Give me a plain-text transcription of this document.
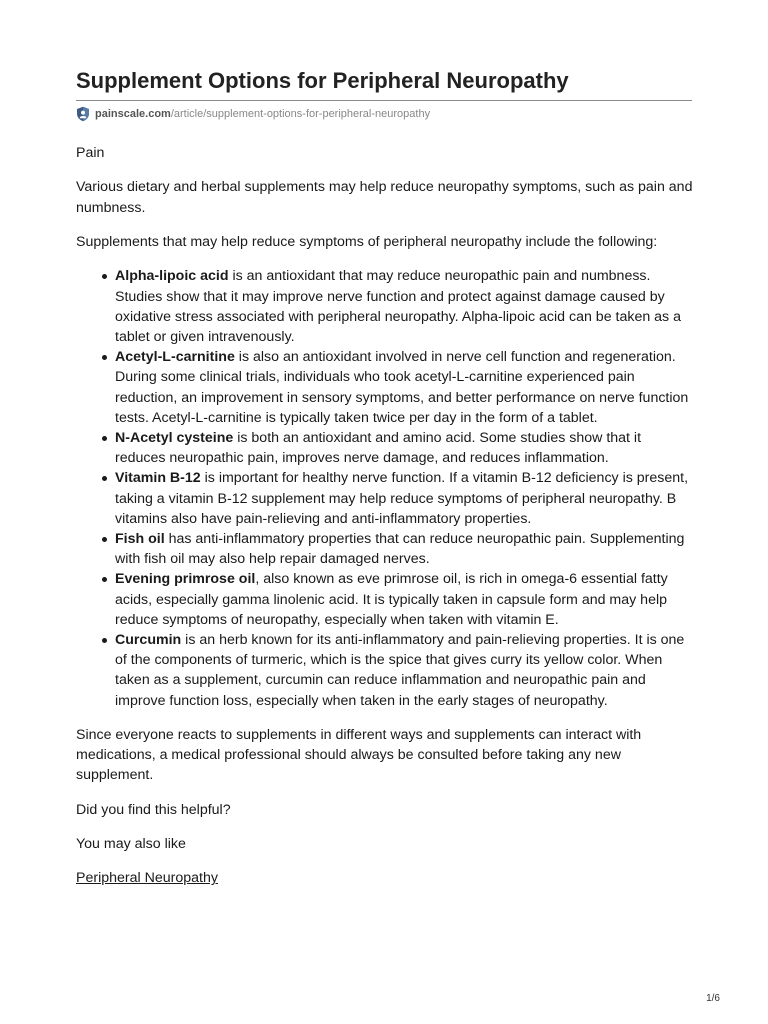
Supplement Options for Peripheral Neuropathy
painscale.com /article/supplement-options-for-peripheral-neuropathy

Pain

Various dietary and herbal supplements may help reduce neuropathy symptoms, such as pain and numbness.

Supplements that may help reduce symptoms of peripheral neuropathy include the following:

Alpha-lipoic acid is an antioxidant that may reduce neuropathic pain and numbness. Studies show that it may improve nerve function and protect against damage caused by oxidative stress associated with peripheral neuropathy. Alpha-lipoic acid can be taken as a tablet or given intravenously.
Acetyl-L-carnitine is also an antioxidant involved in nerve cell function and regeneration. During some clinical trials, individuals who took acetyl-L-carnitine experienced pain reduction, an improvement in sensory symptoms, and better performance on nerve function tests. Acetyl-L-carnitine is typically taken twice per day in the form of a tablet.
N-Acetyl cysteine is both an antioxidant and amino acid. Some studies show that it reduces neuropathic pain, improves nerve damage, and reduces inflammation.
Vitamin B-12 is important for healthy nerve function. If a vitamin B-12 deficiency is present, taking a vitamin B-12 supplement may help reduce symptoms of peripheral neuropathy. B vitamins also have pain-relieving and anti-inflammatory properties.
Fish oil has anti-inflammatory properties that can reduce neuropathic pain. Supplementing with fish oil may also help repair damaged nerves.
Evening primrose oil, also known as eve primrose oil, is rich in omega-6 essential fatty acids, especially gamma linolenic acid. It is typically taken in capsule form and may help reduce symptoms of neuropathy, especially when taken with vitamin E.
Curcumin is an herb known for its anti-inflammatory and pain-relieving properties. It is one of the components of turmeric, which is the spice that gives curry its yellow color. When taken as a supplement, curcumin can reduce inflammation and neuropathic pain and improve function loss, especially when taken in the early stages of neuropathy.

Since everyone reacts to supplements in different ways and supplements can interact with medications, a medical professional should always be consulted before taking any new supplement.

Did you find this helpful?

You may also like

Peripheral Neuropathy

1/6
